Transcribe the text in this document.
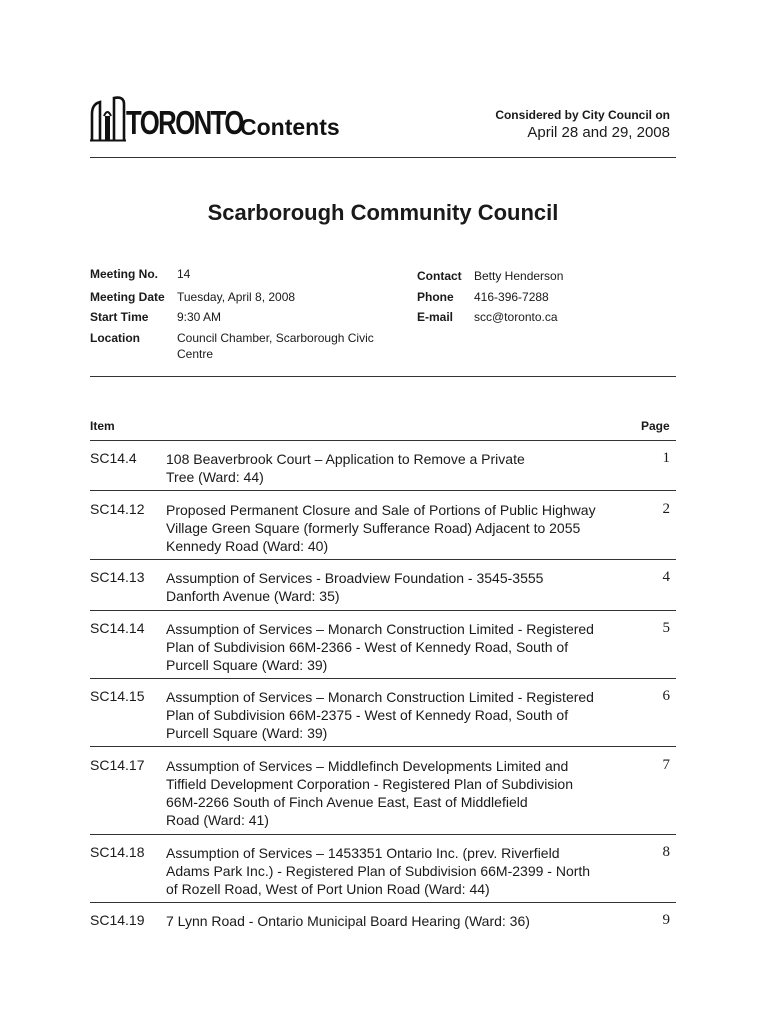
TORONTO
Contents	Considered by City Council on
April 28 and 29, 2008
Scarborough Community Council
Meeting No. 14
Meeting Date Tuesday, April 8, 2008
Start Time 9:30 AM
Location	Council Chamber, Scarborough Civic
Centre
Contact Betty Henderson
Phone 416-396-7288
E-mail scc@toronto.ca
Item	Page
SC14.4 108 Beaverbrook Court – Application to Remove a Private
Tree (Ward: 44)
1
SC14.12 Proposed Permanent Closure and Sale of Portions of Public Highway
Village Green Square (formerly Sufferance Road) Adjacent to 2055
Kennedy Road (Ward: 40)
2
SC14.13 Assumption of Services - Broadview Foundation - 3545-3555
Danforth Avenue (Ward: 35)
4
SC14.14 Assumption of Services – Monarch Construction Limited - Registered
Plan of Subdivision 66M-2366 - West of Kennedy Road, South of
Purcell Square (Ward: 39)
5
SC14.15 Assumption of Services – Monarch Construction Limited - Registered
Plan of Subdivision 66M-2375 - West of Kennedy Road, South of
Purcell Square (Ward: 39)
6
SC14.17 Assumption of Services – Middlefinch Developments Limited and
Tiffield Development Corporation - Registered Plan of Subdivision
66M-2266 South of Finch Avenue East, East of Middlefield
Road (Ward: 41)
7
SC14.18 Assumption of Services – 1453351 Ontario Inc. (prev. Riverfield
Adams Park Inc.) - Registered Plan of Subdivision 66M-2399 - North
of Rozell Road, West of Port Union Road (Ward: 44)
8
SC14.19 7 Lynn Road - Ontario Municipal Board Hearing (Ward: 36)	9
